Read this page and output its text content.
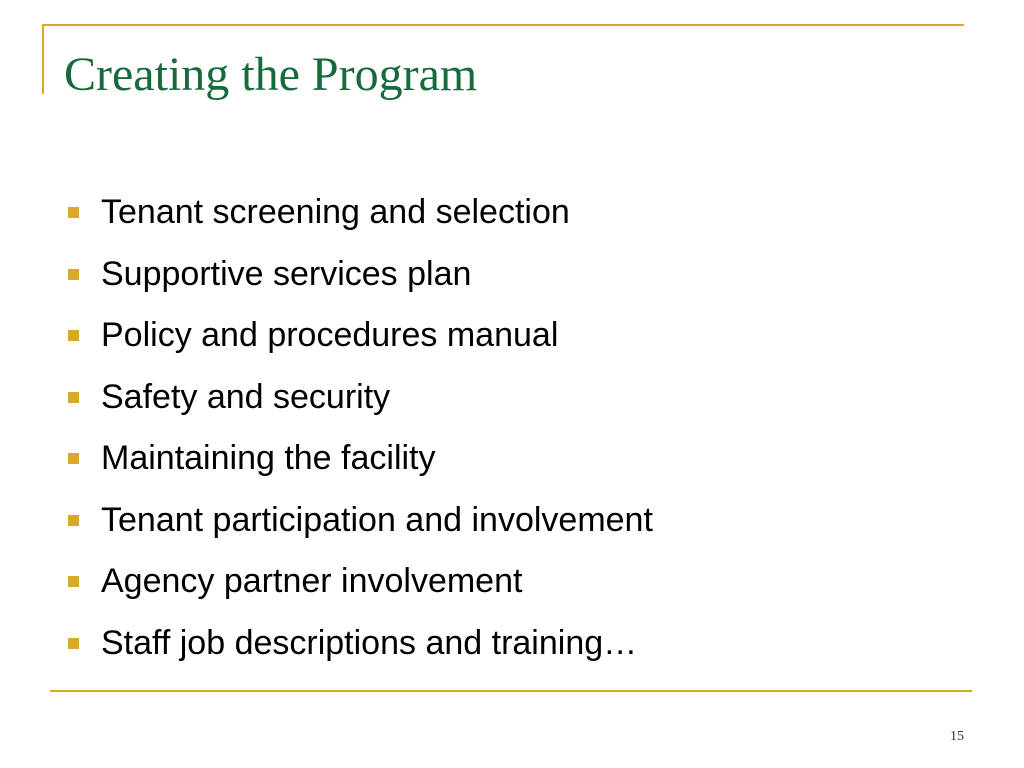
Creating the Program
Tenant screening and selection
Supportive services plan
Policy and procedures manual
Safety and security
Maintaining the facility
Tenant participation and involvement
Agency partner involvement
Staff job descriptions and training…
15
